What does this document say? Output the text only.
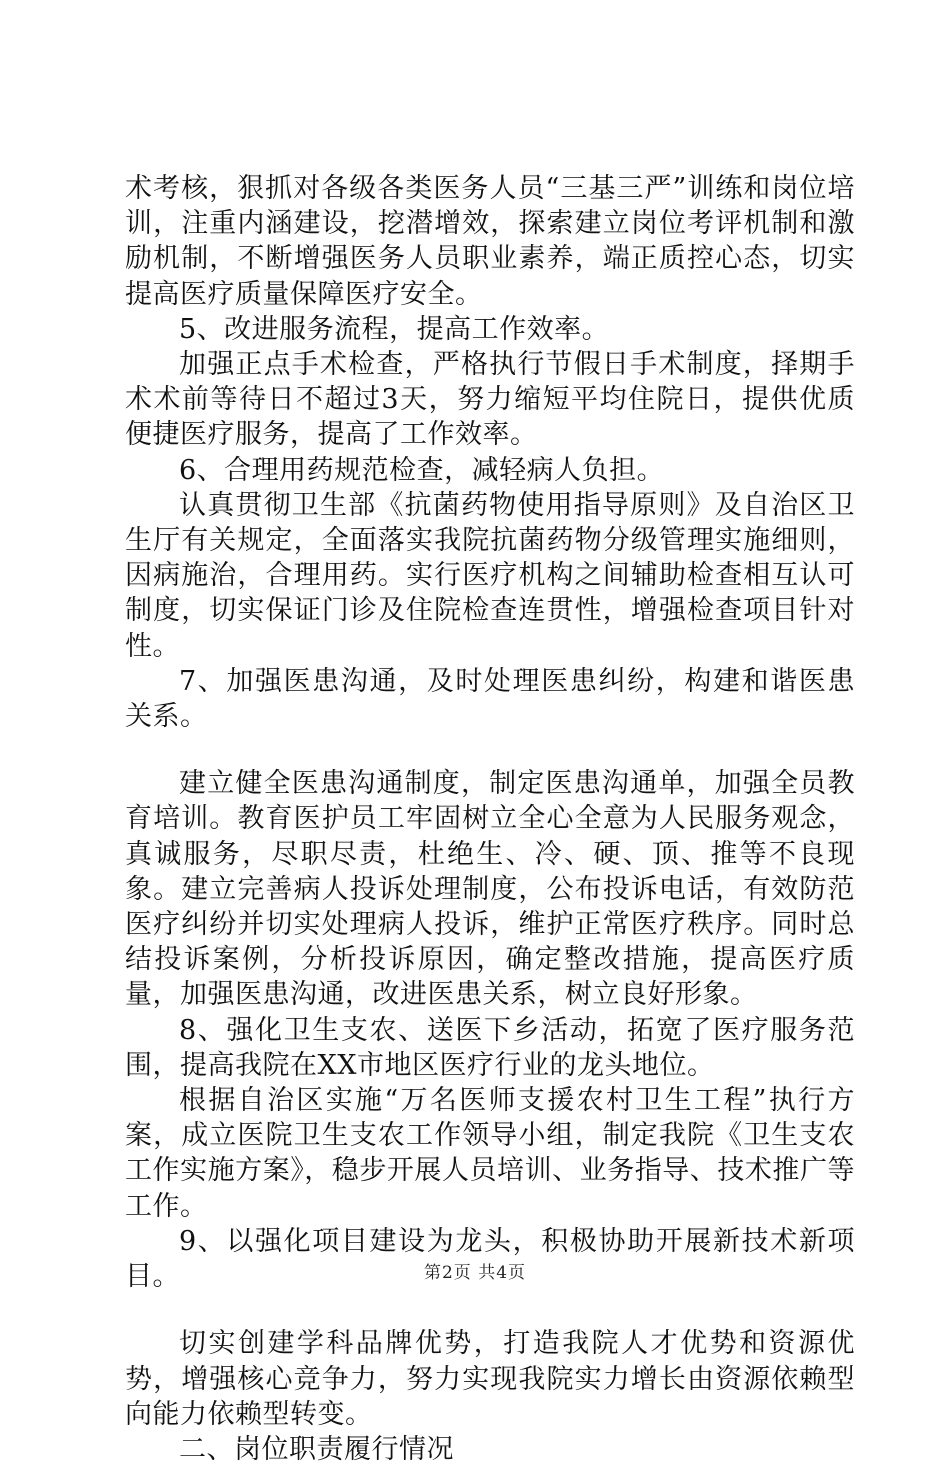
术考核，狠抓对各级各类医务人员“三基三严”训练和岗位培训，注重内涵建设，挖潜增效，探索建立岗位考评机制和激励机制，不断增强医务人员职业素养，端正质控心态，切实提高医疗质量保障医疗安全。

5、改进服务流程，提高工作效率。

加强正点手术检查，严格执行节假日手术制度，择期手术术前等待日不超过3天，努力缩短平均住院日，提供优质便捷医疗服务，提高了工作效率。

6、合理用药规范检查，减轻病人负担。

认真贯彻卫生部《抗菌药物使用指导原则》及自治区卫生厅有关规定，全面落实我院抗菌药物分级管理实施细则，因病施治，合理用药。实行医疗机构之间辅助检查相互认可制度，切实保证门诊及住院检查连贯性，增强检查项目针对性。

7、加强医患沟通，及时处理医患纠纷，构建和谐医患关系。

建立健全医患沟通制度，制定医患沟通单，加强全员教育培训。教育医护员工牢固树立全心全意为人民服务观念，真诚服务，尽职尽责，杜绝生、冷、硬、顶、推等不良现象。建立完善病人投诉处理制度，公布投诉电话，有效防范医疗纠纷并切实处理病人投诉，维护正常医疗秩序。同时总结投诉案例，分析投诉原因，确定整改措施，提高医疗质量，加强医患沟通，改进医患关系，树立良好形象。

8、强化卫生支农、送医下乡活动，拓宽了医疗服务范围，提高我院在XX市地区医疗行业的龙头地位。

根据自治区实施“万名医师支援农村卫生工程”执行方案，成立医院卫生支农工作领导小组，制定我院《卫生支农工作实施方案》，稳步开展人员培训、业务指导、技术推广等工作。

9、以强化项目建设为龙头，积极协助开展新技术新项目。

切实创建学科品牌优势，打造我院人才优势和资源优势，增强核心竞争力，努力实现我院实力增长由资源依赖型向能力依赖型转变。

二、岗位职责履行情况

第2页 共4页
